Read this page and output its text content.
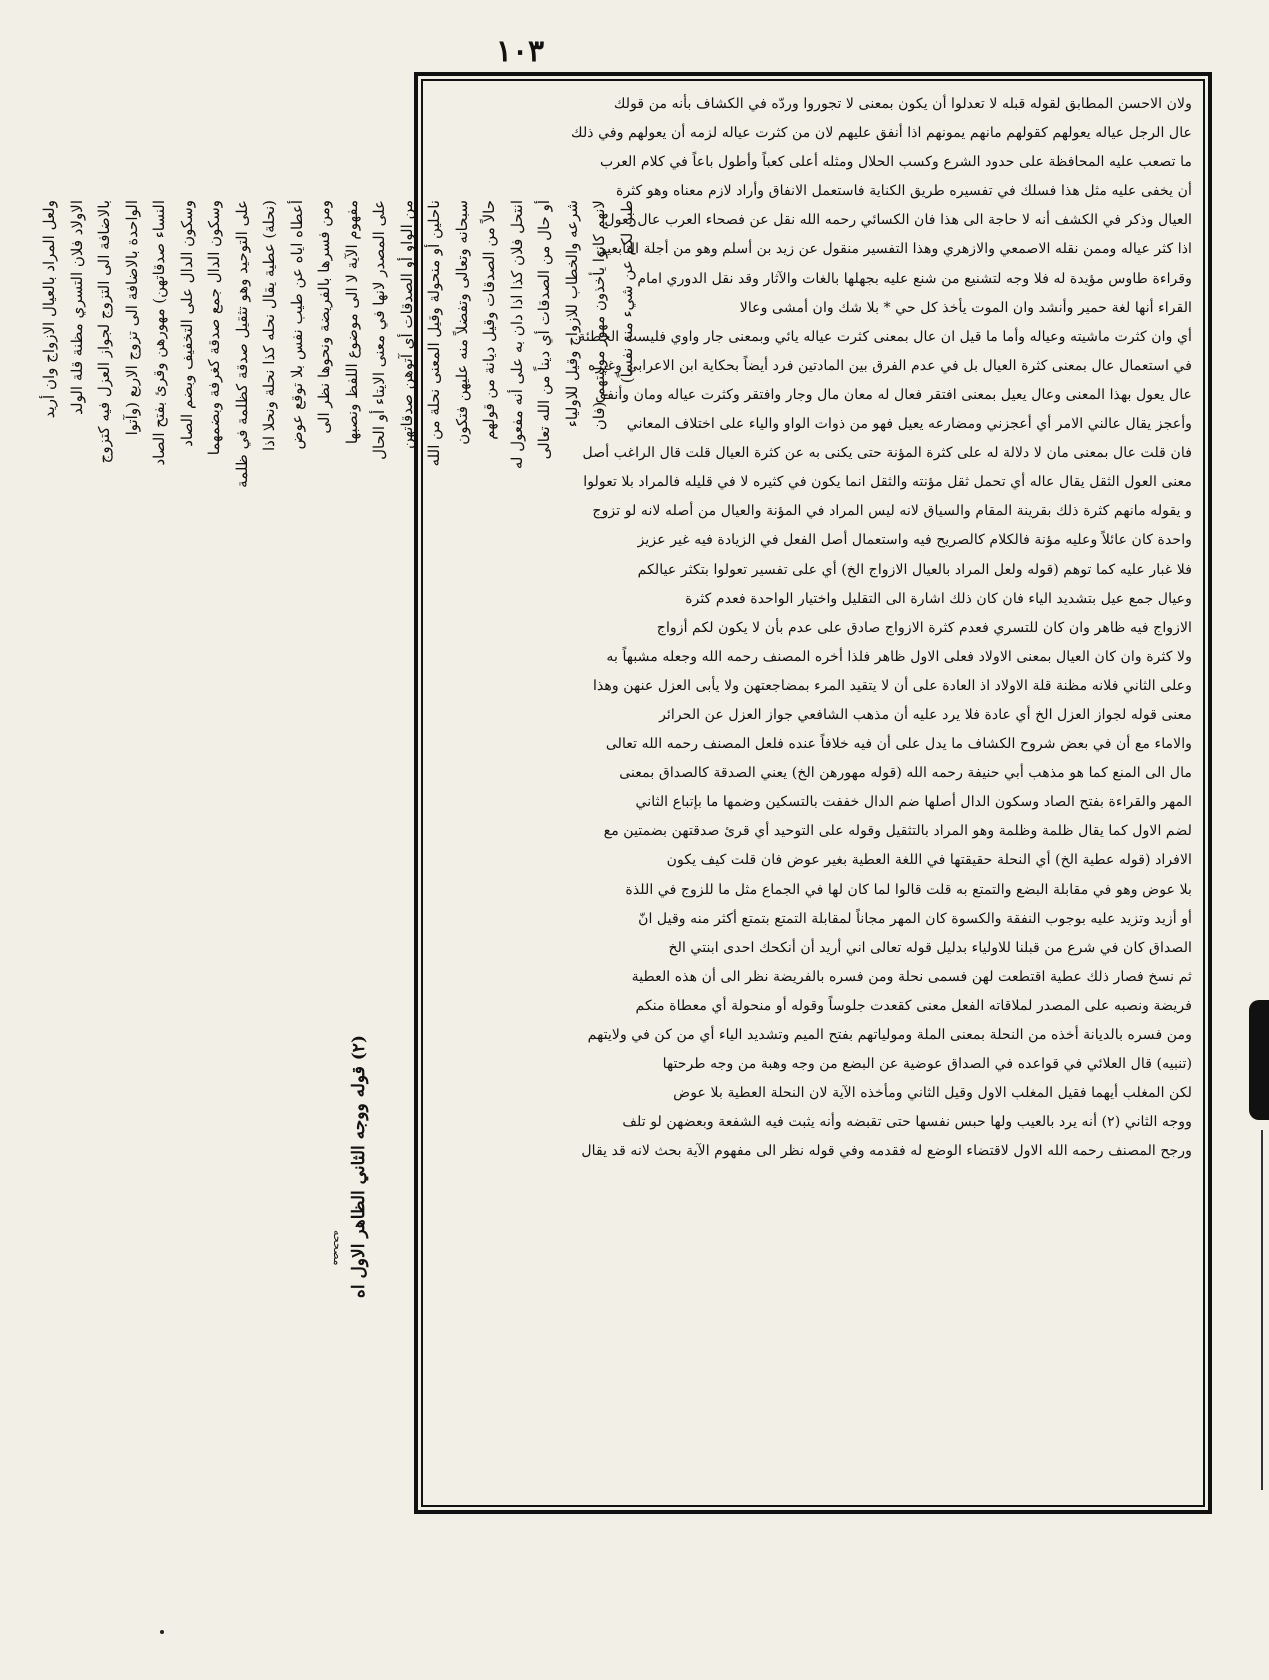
١٠٣

ولعل المراد بالعيال الازواج وان أريد الاولاد فلان التسري مظنة قلة الولد بالاضافة الى التزوج لجواز العزل فيه كتزوج الواحدة بالاضافة الى تزوج الاربع (وآتوا النساء صدقاتهن) مهورهن وقرئ بفتح الصاد وسكون الدال على التخفيف وبضم الصاد وسكون الدال جمع صدقة كغرفة وبضمهما على التوحيد وهو تثقيل صدقة كظلمة في ظلمة (نحلة) عطية يقال نحله كذا نحلة ونحلا اذا أعطاه اياه عن طيب نفس بلا توقع عوض ومن فسرها بالفريضة ونحوها نظر الى مفهوم الآية لا الى موضوع اللفظ ونصبها على المصدر لانها في معنى الايتاء أو الحال من الواو أو الصدقات أي آتوهن صدقاتهن ناحلين أو منحولة وقيل المعنى نحلة من الله سبحانه وتعالى وتفضلاً منه عليهن فتكون حالاً من الصدقات وقيل ديانة من قولهم انتحل فلان كذا اذا دان به على أنه مفعول له أو حال من الصدقات أي ديناً من الله تعالى شرعه والخطاب للازواج وقيل للاولياء لانهم كانوا يأخذون مهور موليتهم (فان طبن لكم عن شيء منه نفساً)

(٢) قوله ووجه الثاني الظاهر الاول اه
مصححه

ولان الاحسن المطابق لقوله قبله لا تعدلوا أن يكون بمعنى لا تجوروا وردّه في الكشاف بأنه من قولك

عال الرجل عياله يعولهم كقولهم مانهم يمونهم اذا أنفق عليهم لان من كثرت عياله لزمه أن يعولهم وفي ذلك

ما تصعب عليه المحافظة على حدود الشرع وكسب الحلال ومثله أعلى كعباً وأطول باعاً في كلام العرب

أن يخفى عليه مثل هذا فسلك في تفسيره طريق الكناية فاستعمل الانفاق وأراد لازم معناه وهو كثرة

العيال وذكر في الكشف أنه لا حاجة الى هذا فان الكسائي رحمه الله نقل عن فصحاء العرب عال يعول

اذا كثر عياله وممن نقله الاصمعي والازهري وهذا التفسير منقول عن زيد بن أسلم وهو من أجلة التابعين

وقراءة طاوس مؤيدة له فلا وجه لتشنيع من شنع عليه بجهلها بالغات والآثار وقد نقل الدوري امام

القراء أنها لغة حمير وأنشد وان الموت يأخذ كل حي * بلا شك وان أمشى وعالا

أي وان كثرت ماشيته وعياله وأما ما قيل ان عال بمعنى كثرت عياله يائي وبمعنى جار واوي فليست الخطئة

في استعمال عال بمعنى كثرة العيال بل في عدم الفرق بين المادتين فرد أيضاً بحكاية ابن الاعرابي وغيره

عال يعول بهذا المعنى وعال يعيل بمعنى افتقر فعال له معان مال وجار وافتقر وكثرت عياله ومان وأنفق

وأعجز يقال عالني الامر أي أعجزني ومضارعه يعيل فهو من ذوات الواو والياء على اختلاف المعاني

فان قلت عال بمعنى مان لا دلالة له على كثرة المؤنة حتى يكنى به عن كثرة العيال قلت قال الراغب أصل

معنى العول الثقل يقال عاله أي تحمل ثقل مؤنته والثقل انما يكون في كثيره لا في قليله فالمراد بلا تعولوا

و يقوله مانهم كثرة ذلك بقرينة المقام والسياق لانه ليس المراد في المؤنة والعيال من أصله لانه لو تزوج

واحدة كان عائلاً وعليه مؤنة فالكلام كالصريح فيه واستعمال أصل الفعل في الزيادة فيه غير عزيز

فلا غبار عليه كما توهم (قوله ولعل المراد بالعيال الازواج الخ) أي على تفسير تعولوا بتكثر عيالكم

وعيال جمع عيل بتشديد الياء فان كان ذلك اشارة الى التقليل واختيار الواحدة فعدم كثرة

الازواج فيه ظاهر وان كان للتسري فعدم كثرة الازواج صادق على عدم بأن لا يكون لكم أزواج

ولا كثرة وان كان العيال بمعنى الاولاد فعلى الاول ظاهر فلذا أخره المصنف رحمه الله وجعله مشبهاً به

وعلى الثاني فلانه مظنة قلة الاولاد اذ العادة على أن لا يتقيد المرء بمضاجعتهن ولا يأبى العزل عنهن وهذا

معنى قوله لجواز العزل الخ أي عادة فلا يرد عليه أن مذهب الشافعي جواز العزل عن الحرائر

والاماء مع أن في بعض شروح الكشاف ما يدل على أن فيه خلافاً عنده فلعل المصنف رحمه الله تعالى

مال الى المنع كما هو مذهب أبي حنيفة رحمه الله (قوله مهورهن الخ) يعني الصدقة كالصداق بمعنى

المهر والقراءة بفتح الصاد وسكون الدال أصلها ضم الدال خففت بالتسكين وضمها ما بإتباع الثاني

لضم الاول كما يقال ظلمة وظلمة وهو المراد بالتثقيل وقوله على التوحيد أي قرئ صدقتهن بضمتين مع

الافراد (قوله عطية الخ) أي النحلة حقيقتها في اللغة العطية بغير عوض فان قلت كيف يكون

بلا عوض وهو في مقابلة البضع والتمتع به قلت قالوا لما كان لها في الجماع مثل ما للزوج في اللذة

أو أزيد وتزيد عليه بوجوب النفقة والكسوة كان المهر مجاناً لمقابلة التمتع بتمتع أكثر منه وقيل انّ

الصداق كان في شرع من قبلنا للاولياء بدليل قوله تعالى اني أريد أن أنكحك احدى ابنتي الخ

ثم نسخ فصار ذلك عطية اقتطعت لهن فسمى نحلة ومن فسره بالفريضة نظر الى أن هذه العطية

فريضة ونصبه على المصدر لملاقاته الفعل معنى كقعدت جلوساً وقوله أو منحولة أي معطاة منكم

ومن فسره بالديانة أخذه من النحلة بمعنى الملة ومولياتهم بفتح الميم وتشديد الياء أي من كن في ولايتهم

(تنبيه) قال العلائي في قواعده في الصداق عوضية عن البضع من وجه وهبة من وجه طرحتها

لكن المغلب أيهما فقيل المغلب الاول وقيل الثاني ومأخذه الآية لان النحلة العطية بلا عوض

ووجه الثاني (٢) أنه يرد بالعيب ولها حبس نفسها حتى تقبضه وأنه يثبت فيه الشفعة وبعضهن لو تلف

ورجح المصنف رحمه الله الاول لاقتضاء الوضع له فقدمه وفي قوله نظر الى مفهوم الآية بحث لانه قد يقال
